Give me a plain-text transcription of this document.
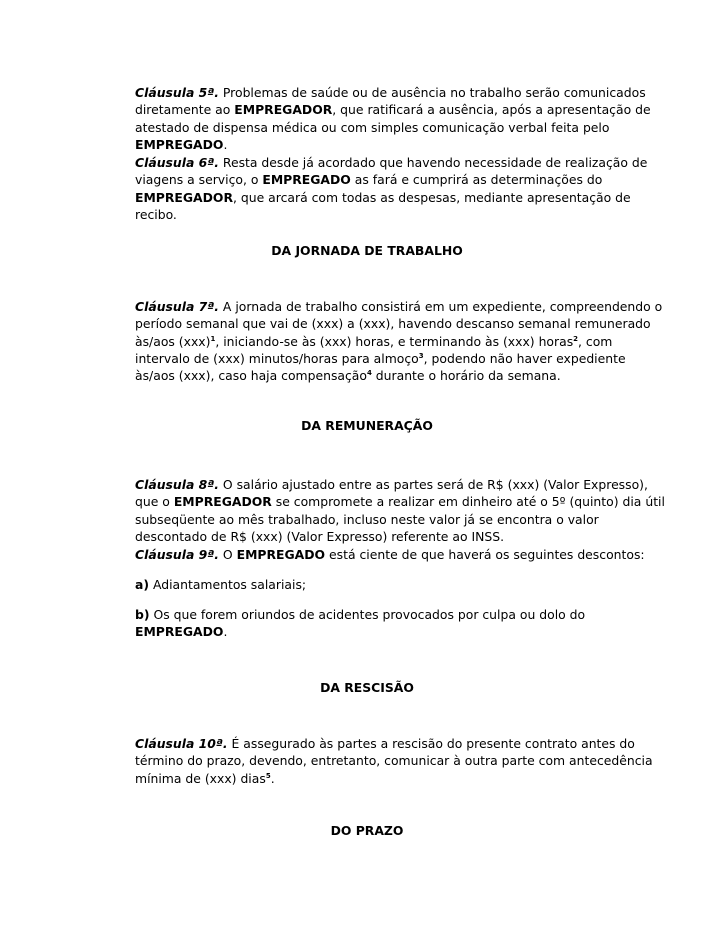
Cláusula 5ª. Problemas de saúde ou de ausência no trabalho serão comunicados diretamente ao EMPREGADOR, que ratificará a ausência, após a apresentação de atestado de dispensa médica ou com simples comunicação verbal feita pelo EMPREGADO.

Cláusula 6ª. Resta desde já acordado que havendo necessidade de realização de viagens a serviço, o EMPREGADO as fará e cumprirá as determinações do EMPREGADOR, que arcará com todas as despesas, mediante apresentação de recibo.

DA JORNADA DE TRABALHO

Cláusula 7ª. A jornada de trabalho consistirá em um expediente, compreendendo o período semanal que vai de (xxx) a (xxx), havendo descanso semanal remunerado às/aos (xxx)$^1$, iniciando-se às (xxx) horas, e terminando às (xxx) horas$^2$, com intervalo de (xxx) minutos/horas para almoço$^3$, podendo não haver expediente às/aos (xxx), caso haja compensação$^4$ durante o horário da semana.

DA REMUNERAÇÃO

Cláusula 8ª. O salário ajustado entre as partes será de R$ (xxx) (Valor Expresso), que o EMPREGADOR se compromete a realizar em dinheiro até o 5º (quinto) dia útil subseqüente ao mês trabalhado, incluso neste valor já se encontra o valor descontado de R$ (xxx) (Valor Expresso) referente ao INSS.

Cláusula 9ª. O EMPREGADO está ciente de que haverá os seguintes descontos:

a) Adiantamentos salariais;

b) Os que forem oriundos de acidentes provocados por culpa ou dolo do EMPREGADO.

DA RESCISÃO

Cláusula 10ª. É assegurado às partes a rescisão do presente contrato antes do término do prazo, devendo, entretanto, comunicar à outra parte com antecedência mínima de (xxx) dias$^5$.

DO PRAZO
